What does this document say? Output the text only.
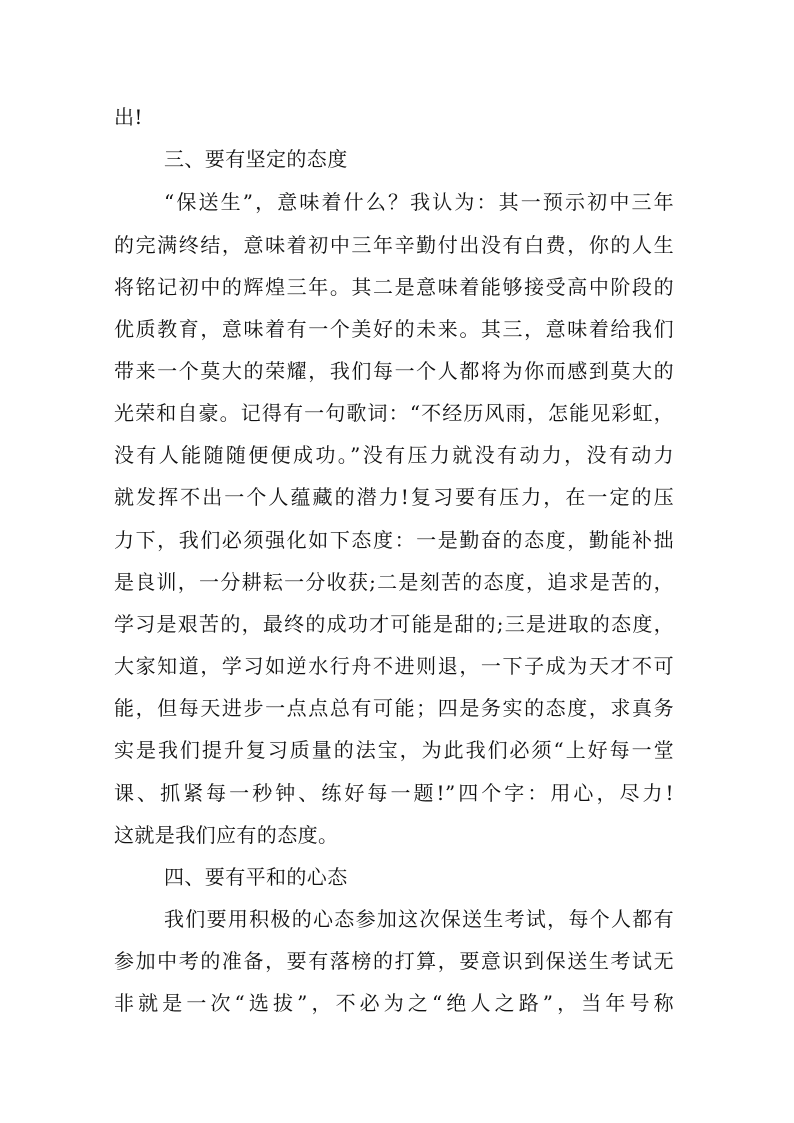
出!
三、要有坚定的态度
“保送生”，意味着什么？我认为：其一预示初中三年
的完满终结，意味着初中三年辛勤付出没有白费，你的人生
将铭记初中的辉煌三年。其二是意味着能够接受高中阶段的
优质教育，意味着有一个美好的未来。其三，意味着给我们
带来一个莫大的荣耀，我们每一个人都将为你而感到莫大的
光荣和自豪。记得有一句歌词：“不经历风雨，怎能见彩虹，
没有人能随随便便成功。”没有压力就没有动力，没有动力
就发挥不出一个人蕴藏的潜力!复习要有压力，在一定的压
力下，我们必须强化如下态度：一是勤奋的态度，勤能补拙
是良训，一分耕耘一分收获;二是刻苦的态度，追求是苦的，
学习是艰苦的，最终的成功才可能是甜的;三是进取的态度，
大家知道，学习如逆水行舟不进则退，一下子成为天才不可
能，但每天进步一点点总有可能；四是务实的态度，求真务
实是我们提升复习质量的法宝，为此我们必须“上好每一堂
课、抓紧每一秒钟、练好每一题!”四个字：用心，尽力!
这就是我们应有的态度。
四、要有平和的心态
我们要用积极的心态参加这次保送生考试，每个人都有
参加中考的准备，要有落榜的打算，要意识到保送生考试无
非就是一次“选拔”，不必为之“绝人之路”，当年号称
